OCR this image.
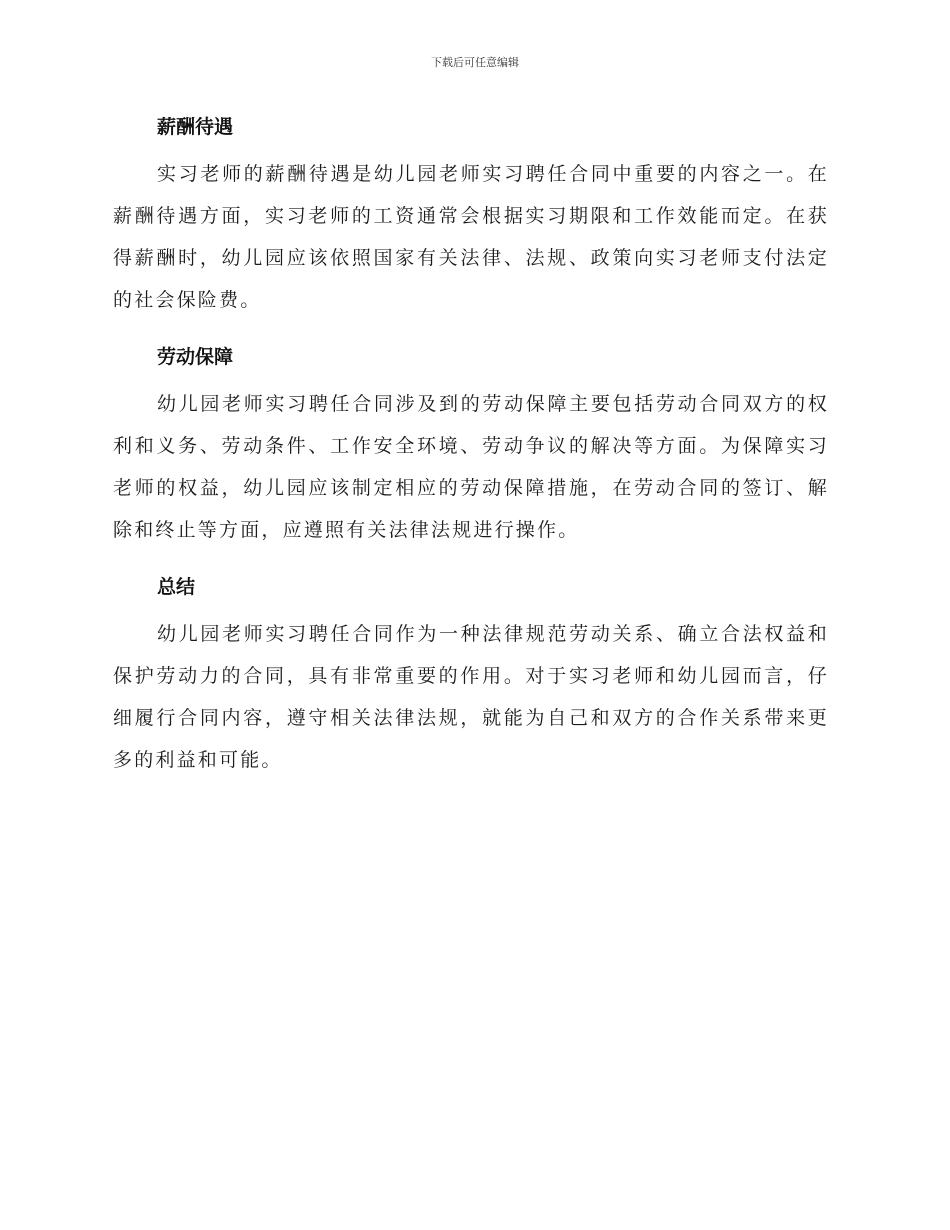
下载后可任意编辑
薪酬待遇

实习老师的薪酬待遇是幼儿园老师实习聘任合同中重要的内容之一。在薪酬待遇方面，实习老师的工资通常会根据实习期限和工作效能而定。在获得薪酬时，幼儿园应该依照国家有关法律、法规、政策向实习老师支付法定的社会保险费。

劳动保障

幼儿园老师实习聘任合同涉及到的劳动保障主要包括劳动合同双方的权利和义务、劳动条件、工作安全环境、劳动争议的解决等方面。为保障实习老师的权益，幼儿园应该制定相应的劳动保障措施，在劳动合同的签订、解除和终止等方面，应遵照有关法律法规进行操作。

总结

幼儿园老师实习聘任合同作为一种法律规范劳动关系、确立合法权益和保护劳动力的合同，具有非常重要的作用。对于实习老师和幼儿园而言，仔细履行合同内容，遵守相关法律法规，就能为自己和双方的合作关系带来更多的利益和可能。
